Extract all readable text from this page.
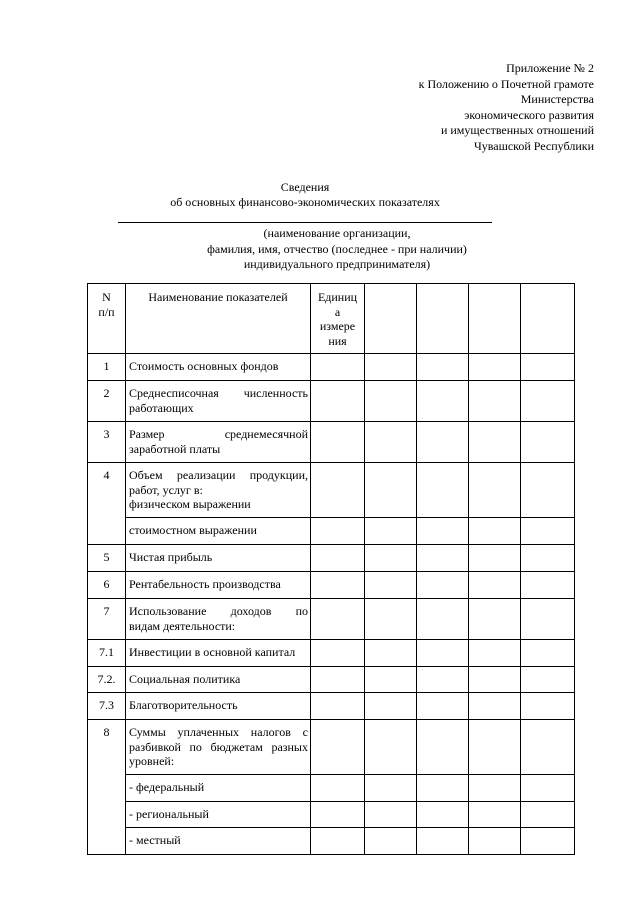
Приложение № 2
к Положению о Почетной грамоте
Министерства
экономического развития
и имущественных отношений
Чувашской Республики
Сведения
об основных финансово-экономических показателях
(наименование организации,
фамилия, имя, отчество (последнее - при наличии)
индивидуального предпринимателя)
N
п/п	Наименование показателей	Единиц
а
измере
ния				

1	Стоимость основных фондов					
2	Среднесписочная численность
работающих					

3	Размер среднемесячной
заработной платы					

4	Объем реализации продукции,
работ, услуг в:
физическом выражении					

	стоимостном выражении					
5	Чистая прибыль					
6	Рентабельность производства					
7	Использование доходов по
видам деятельности:					

7.1	Инвестиции в основной капитал					
7.2.	Социальная политика					
7.3	Благотворительность					
8	Суммы уплаченных налогов с
разбивкой по бюджетам разных
уровней:					

	- федеральный					
	- региональный					
	- местный					
